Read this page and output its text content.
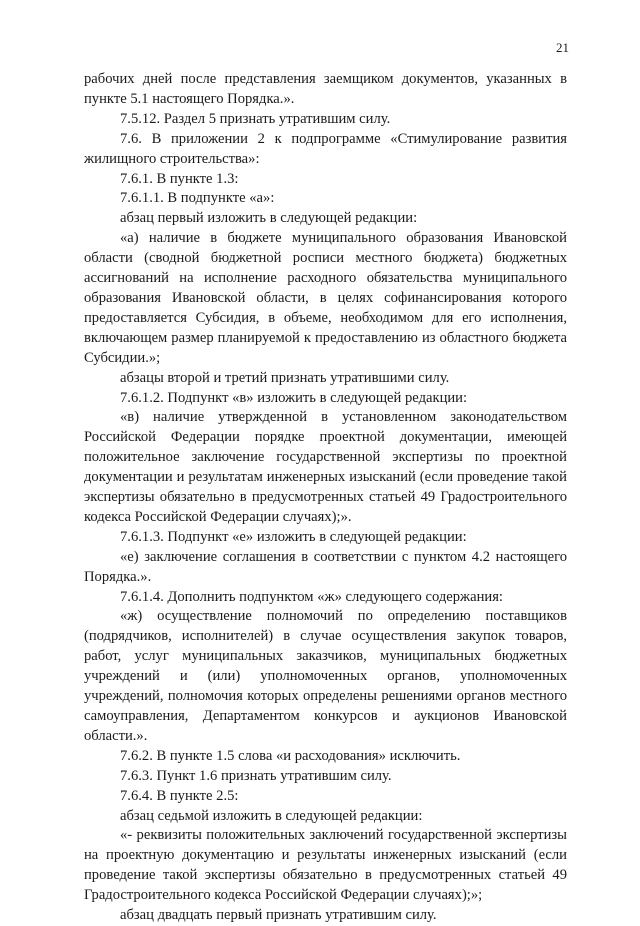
21

рабочих дней после представления заемщиком документов, указанных в пункте 5.1 настоящего Порядка.».

7.5.12. Раздел 5 признать утратившим силу.

7.6. В приложении 2 к подпрограмме «Стимулирование развития жилищного строительства»:

7.6.1. В пункте 1.3:

7.6.1.1. В подпункте «а»:

абзац первый изложить в следующей редакции:

«а) наличие в бюджете муниципального образования Ивановской области (сводной бюджетной росписи местного бюджета) бюджетных ассигнований на исполнение расходного обязательства муниципального образования Ивановской области, в целях софинансирования которого предоставляется Субсидия, в объеме, необходимом для его исполнения, включающем размер планируемой к предоставлению из областного бюджета Субсидии.»;

абзацы второй и третий признать утратившими силу.

7.6.1.2. Подпункт «в» изложить в следующей редакции:

«в) наличие утвержденной в установленном законодательством Российской Федерации порядке проектной документации, имеющей положительное заключение государственной экспертизы по проектной документации и результатам инженерных изысканий (если проведение такой экспертизы обязательно в предусмотренных статьей 49 Градостроительного кодекса Российской Федерации случаях);».

7.6.1.3. Подпункт «е» изложить в следующей редакции:

«е) заключение соглашения в соответствии с пунктом 4.2 настоящего Порядка.».

7.6.1.4. Дополнить подпунктом «ж» следующего содержания:

«ж) осуществление полномочий по определению поставщиков (подрядчиков, исполнителей) в случае осуществления закупок товаров, работ, услуг муниципальных заказчиков, муниципальных бюджетных учреждений и (или) уполномоченных органов, уполномоченных учреждений, полномочия которых определены решениями органов местного самоуправления, Департаментом конкурсов и аукционов Ивановской области.».

7.6.2. В пункте 1.5 слова «и расходования» исключить.

7.6.3. Пункт 1.6 признать утратившим силу.

7.6.4. В пункте 2.5:

абзац седьмой изложить в следующей редакции:

«- реквизиты положительных заключений государственной экспертизы на проектную документацию и результаты инженерных изысканий (если проведение такой экспертизы обязательно в предусмотренных статьей 49 Градостроительного кодекса Российской Федерации случаях);»;

абзац двадцать первый признать утратившим силу.
